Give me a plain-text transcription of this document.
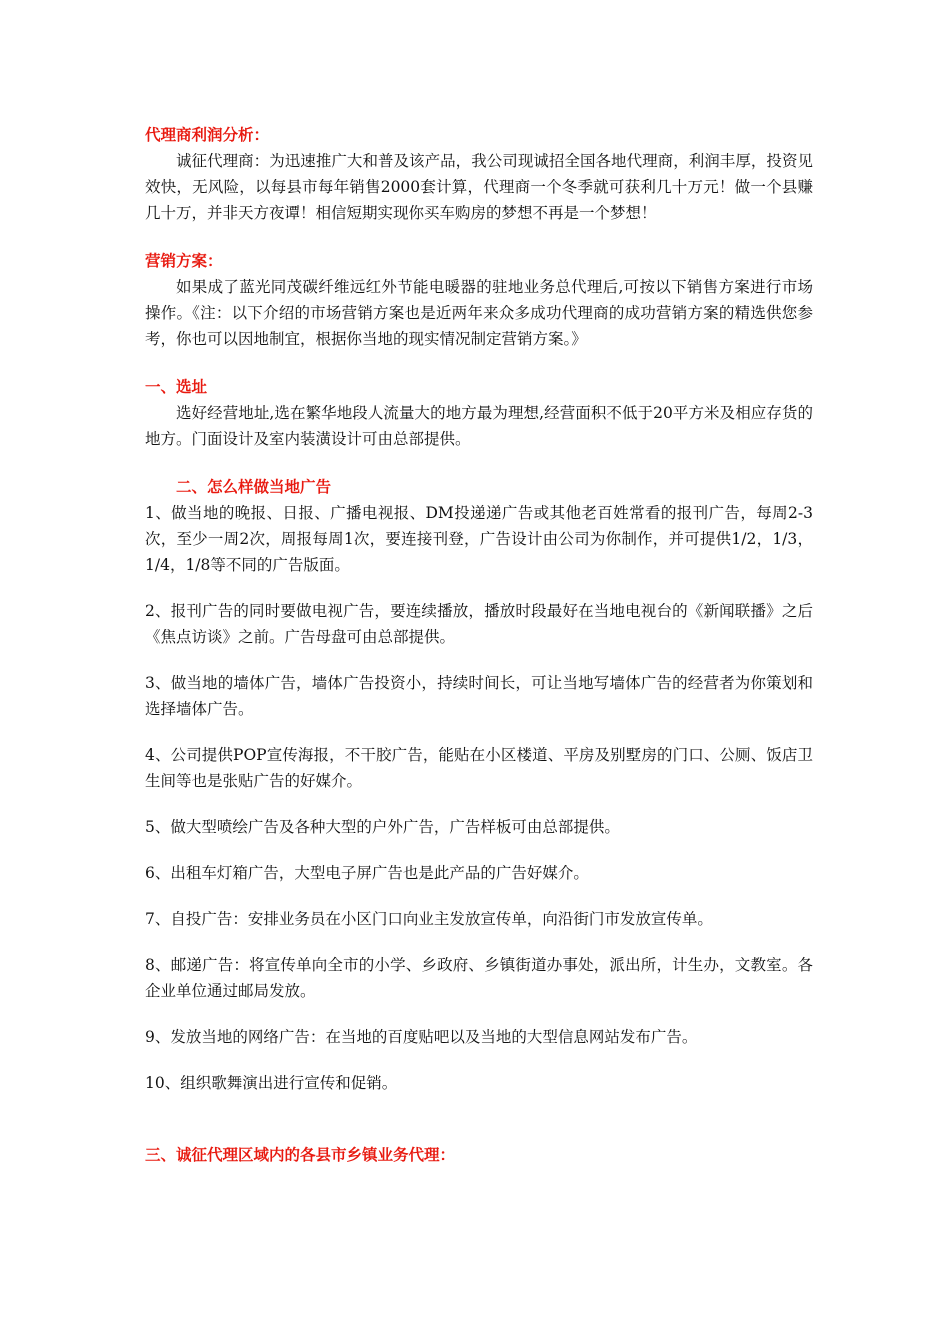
代理商利润分析：

诚征代理商：为迅速推广大和普及该产品，我公司现诚招全国各地代理商，利润丰厚，投资见效快，无风险，以每县市每年销售2000套计算，代理商一个冬季就可获利几十万元！做一个县赚几十万，并非天方夜谭！相信短期实现你买车购房的梦想不再是一个梦想！

营销方案：

如果成了蓝光同茂碳纤维远红外节能电暖器的驻地业务总代理后,可按以下销售方案进行市场操作。《注：以下介绍的市场营销方案也是近两年来众多成功代理商的成功营销方案的精选供您参考，你也可以因地制宜，根据你当地的现实情况制定营销方案。》

一、选址

选好经营地址,选在繁华地段人流量大的地方最为理想,经营面积不低于20平方米及相应存货的地方。门面设计及室内装潢设计可由总部提供。

二、怎么样做当地广告

1、做当地的晚报、日报、广播电视报、DM投递递广告或其他老百姓常看的报刊广告，每周2-3次，至少一周2次，周报每周1次，要连接刊登，广告设计由公司为你制作，并可提供1/2，1/3，1/4，1/8等不同的广告版面。

2、报刊广告的同时要做电视广告，要连续播放，播放时段最好在当地电视台的《新闻联播》之后《焦点访谈》之前。广告母盘可由总部提供。

3、做当地的墙体广告，墙体广告投资小，持续时间长，可让当地写墙体广告的经营者为你策划和选择墙体广告。

4、公司提供POP宣传海报，不干胶广告，能贴在小区楼道、平房及别墅房的门口、公厕、饭店卫生间等也是张贴广告的好媒介。

5、做大型喷绘广告及各种大型的户外广告，广告样板可由总部提供。

6、出租车灯箱广告，大型电子屏广告也是此产品的广告好媒介。

7、自投广告：安排业务员在小区门口向业主发放宣传单，向沿街门市发放宣传单。

8、邮递广告：将宣传单向全市的小学、乡政府、乡镇街道办事处，派出所，计生办，文教室。各企业单位通过邮局发放。

9、发放当地的网络广告：在当地的百度贴吧以及当地的大型信息网站发布广告。

10、组织歌舞演出进行宣传和促销。

三、诚征代理区域内的各县市乡镇业务代理：
